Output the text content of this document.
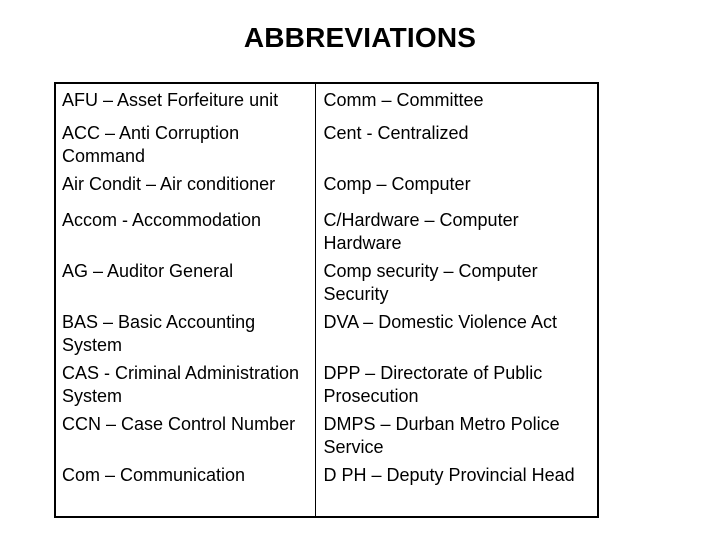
ABBREVIATIONS
AFU – Asset Forfeiture unit	Comm – Committee
ACC – Anti Corruption Command	Cent - Centralized
Air Condit – Air conditioner	Comp – Computer
Accom - Accommodation	C/Hardware – Computer Hardware
AG – Auditor General	Comp security – Computer Security
BAS – Basic Accounting System	DVA – Domestic Violence Act
CAS - Criminal Administration System	DPP – Directorate of Public Prosecution
CCN – Case Control Number	DMPS – Durban Metro Police Service
Com – Communication	D PH – Deputy Provincial Head
